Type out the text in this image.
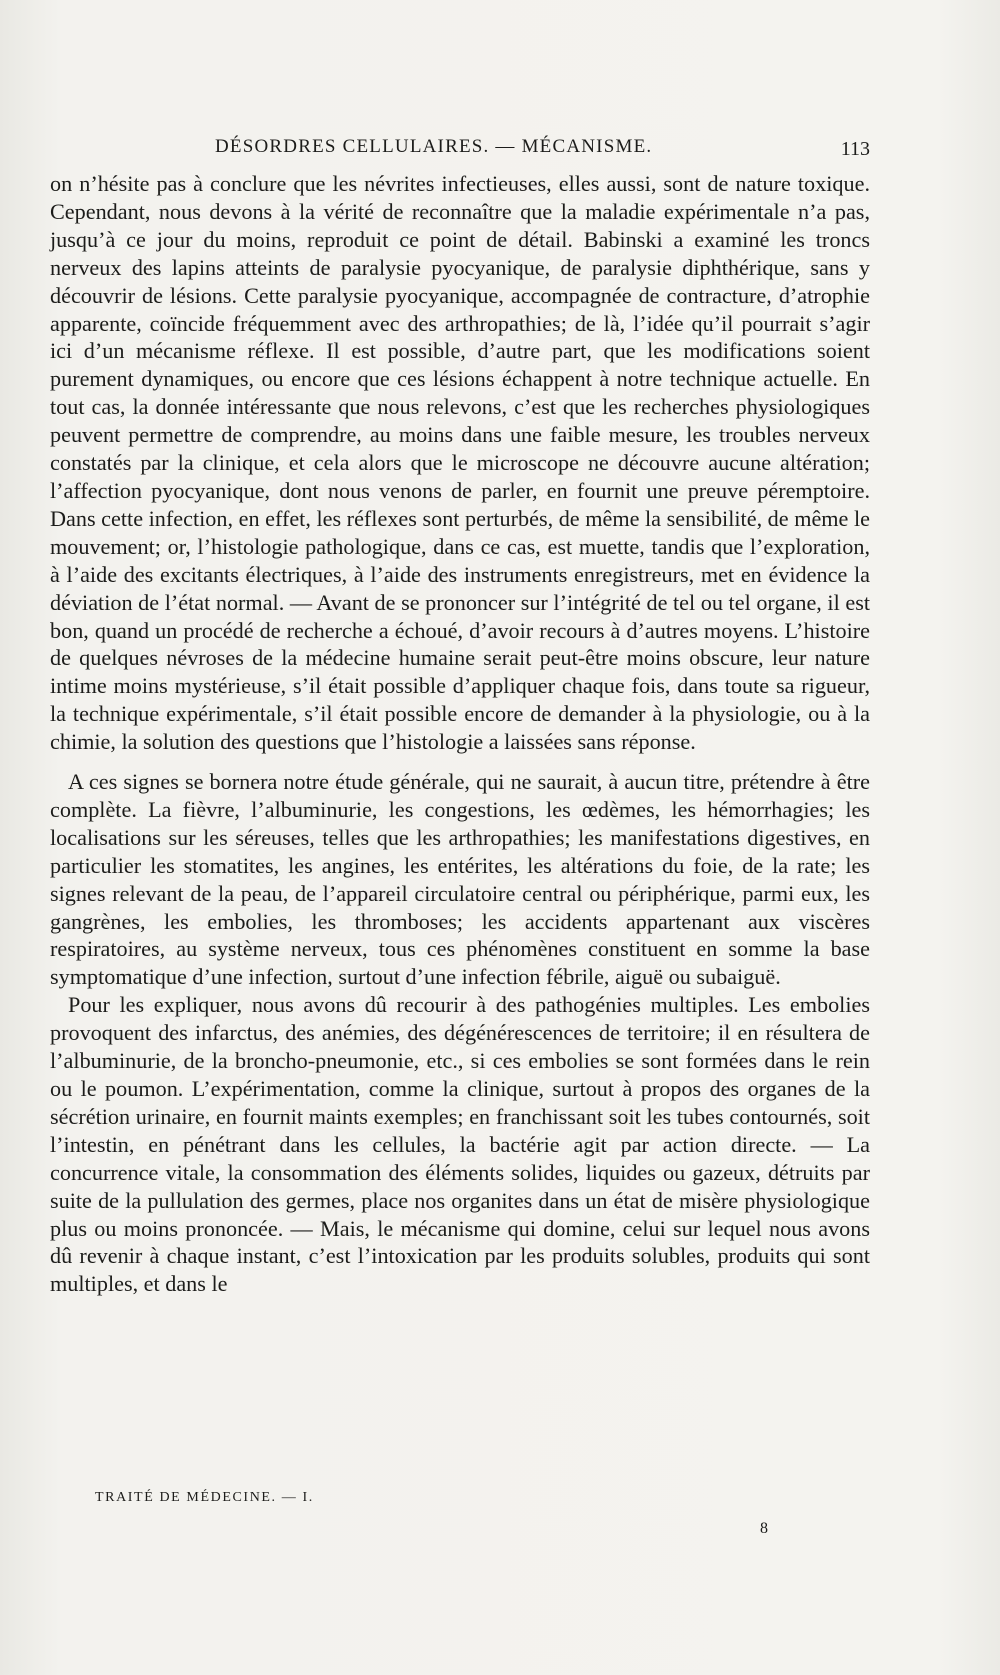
DÉSORDRES CELLULAIRES. — MÉCANISME.	113

on n’hésite pas à conclure que les névrites infectieuses, elles aussi, sont de nature toxique. Cependant, nous devons à la vérité de reconnaître que la maladie expérimentale n’a pas, jusqu’à ce jour du moins, reproduit ce point de détail. Babinski a examiné les troncs nerveux des lapins atteints de paralysie pyocyanique, de paralysie diphthérique, sans y découvrir de lésions. Cette paralysie pyocyanique, accompagnée de contracture, d’atrophie apparente, coïncide fréquemment avec des arthropathies; de là, l’idée qu’il pourrait s’agir ici d’un mécanisme réflexe. Il est possible, d’autre part, que les modifications soient purement dynamiques, ou encore que ces lésions échappent à notre technique actuelle. En tout cas, la donnée intéressante que nous relevons, c’est que les recherches physiologiques peuvent permettre de comprendre, au moins dans une faible mesure, les troubles nerveux constatés par la clinique, et cela alors que le microscope ne découvre aucune altération; l’affection pyocyanique, dont nous venons de parler, en fournit une preuve péremptoire. Dans cette infection, en effet, les réflexes sont perturbés, de même la sensibilité, de même le mouvement; or, l’histologie pathologique, dans ce cas, est muette, tandis que l’exploration, à l’aide des excitants électriques, à l’aide des instruments enregistreurs, met en évidence la déviation de l’état normal. — Avant de se prononcer sur l’intégrité de tel ou tel organe, il est bon, quand un procédé de recherche a échoué, d’avoir recours à d’autres moyens. L’histoire de quelques névroses de la médecine humaine serait peut-être moins obscure, leur nature intime moins mystérieuse, s’il était possible d’appliquer chaque fois, dans toute sa rigueur, la technique expérimentale, s’il était possible encore de demander à la physiologie, ou à la chimie, la solution des questions que l’histologie a laissées sans réponse.

A ces signes se bornera notre étude générale, qui ne saurait, à aucun titre, prétendre à être complète. La fièvre, l’albuminurie, les congestions, les œdèmes, les hémorrhagies; les localisations sur les séreuses, telles que les arthropathies; les manifestations digestives, en particulier les stomatites, les angines, les entérites, les altérations du foie, de la rate; les signes relevant de la peau, de l’appareil circulatoire central ou périphérique, parmi eux, les gangrènes, les embolies, les thromboses; les accidents appartenant aux viscères respiratoires, au système nerveux, tous ces phénomènes constituent en somme la base symptomatique d’une infection, surtout d’une infection fébrile, aiguë ou subaiguë.

Pour les expliquer, nous avons dû recourir à des pathogénies multiples. Les embolies provoquent des infarctus, des anémies, des dégénérescences de territoire; il en résultera de l’albuminurie, de la broncho-pneumonie, etc., si ces embolies se sont formées dans le rein ou le poumon. L’expérimentation, comme la clinique, surtout à propos des organes de la sécrétion urinaire, en fournit maints exemples; en franchissant soit les tubes contournés, soit l’intestin, en pénétrant dans les cellules, la bactérie agit par action directe. — La concurrence vitale, la consommation des éléments solides, liquides ou gazeux, détruits par suite de la pullulation des germes, place nos organites dans un état de misère physiologique plus ou moins prononcée. — Mais, le mécanisme qui domine, celui sur lequel nous avons dû revenir à chaque instant, c’est l’intoxication par les produits solubles, produits qui sont multiples, et dans le

TRAITÉ DE MÉDECINE. — I.
8
